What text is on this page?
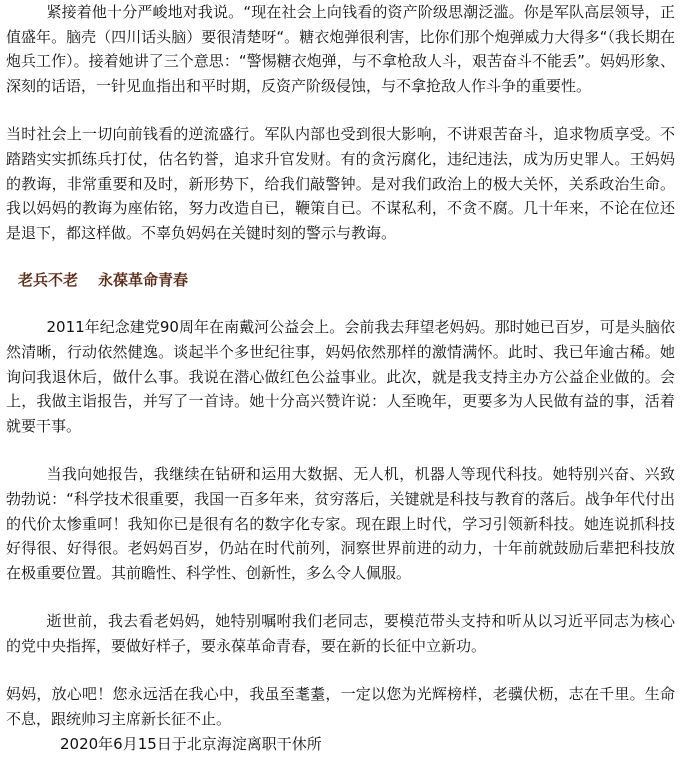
紧接着他十分严峻地对我说。“现在社会上向钱看的资产阶级思潮泛滥。你是军队高层领导，正值盛年。脑壳（四川话头脑）要很清楚呀“。糖衣炮弹很利害，比你们那个炮弹威力大得多“（我长期在炮兵工作）。接着她讲了三个意思：“警惕糖衣炮弹，与不拿枪敌人斗，艰苦奋斗不能丢”。妈妈形象、深刻的话语，一针见血指出和平时期，反资产阶级侵蚀，与不拿抢敌人作斗争的重要性。

当时社会上一切向前钱看的逆流盛行。军队内部也受到很大影响，不讲艰苦奋斗，追求物质享受。不踏踏实实抓练兵打仗，估名钓誉，追求升官发财。有的贪污腐化，违纪违法，成为历史罪人。王妈妈的教诲，非常重要和及时，新形势下，给我们敲警钟。是对我们政治上的极大关怀，关系政治生命。我以妈妈的教诲为座佑铭，努力改造自已，鞭策自已。不谋私利，不贪不腐。几十年来，不论在位还是退下，都这样做。不辜负妈妈在关键时刻的警示与教诲。

老兵不老 永葆革命青春

2011年纪念建党90周年在南戴河公益会上。会前我去拜望老妈妈。那时她已百岁，可是头脑依然清晰，行动依然健逸。谈起半个多世纪往事，妈妈依然那样的激情满怀。此时、我已年逾古稀。她询问我退休后，做什么事。我说在潜心做红色公益事业。此次，就是我支持主办方公益企业做的。会上，我做主诣报告，并写了一首诗。她十分高兴赞许说：人至晚年，更要多为人民做有益的事，活着就要干事。

当我向她报告，我继续在钻研和运用大数据、无人机，机器人等现代科技。她特别兴奋、兴致勃勃说：“科学技术很重要，我国一百多年来，贫穷落后，关键就是科技与教育的落后。战争年代付出的代价太惨重呵！我知你已是很有名的数字化专家。现在跟上时代，学习引领新科技。她连说抓科技好得很、好得很。老妈妈百岁，仍站在时代前列，洞察世界前进的动力，十年前就鼓励后辈把科技放在极重要位置。其前瞻性、科学性、创新性，多么令人佩服。

逝世前，我去看老妈妈，她特别嘱咐我们老同志，要模范带头支持和听从以习近平同志为核心的党中央指挥，要做好样子，要永葆革命青春，要在新的长征中立新功。

妈妈，放心吧！您永远活在我心中，我虽至耄耋，一定以您为光辉榜样，老骥伏枥，志在千里。生命不息，跟统帅习主席新长征不止。

2020年6月15日于北京海淀离职干休所
